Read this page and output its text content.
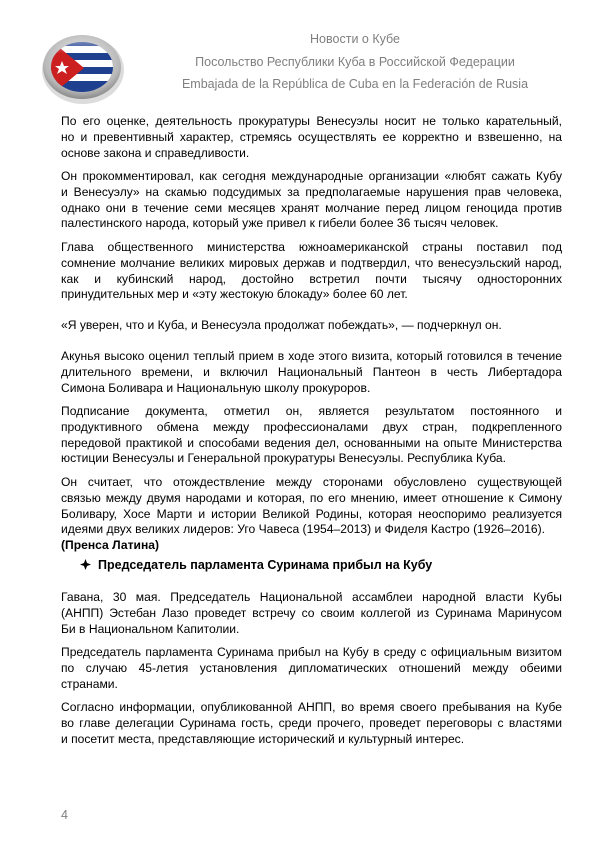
Новости о Кубе
Посольство Республики Куба в Российской Федерации
Embajada de la República de Cuba en la Federación de Rusia
По его оценке, деятельность прокуратуры Венесуэлы носит не только карательный,
но и превентивный характер, стремясь осуществлять ее корректно и взвешенно, на
основе закона и справедливости.
Он прокомментировал, как сегодня международные организации «любят сажать Кубу
и Венесуэлу» на скамью подсудимых за предполагаемые нарушения прав человека,
однако они в течение семи месяцев хранят молчание перед лицом геноцида против
палестинского народа, который уже привел к гибели более 36 тысяч человек.
Глава общественного министерства южноамериканской страны поставил под
сомнение молчание великих мировых держав и подтвердил, что венесуэльский народ,
как и кубинский народ, достойно встретил почти тысячу односторонних
принудительных мер и «эту жестокую блокаду» более 60 лет.
«Я уверен, что и Куба, и Венесуэла продолжат побеждать», — подчеркнул он.
Акунья высоко оценил теплый прием в ходе этого визита, который готовился в течение
длительного времени, и включил Национальный Пантеон в честь Либертадора
Симона Боливара и Национальную школу прокуроров.
Подписание документа, отметил он, является результатом постоянного и
продуктивного обмена между профессионалами двух стран, подкрепленного
передовой практикой и способами ведения дел, основанными на опыте Министерства
юстиции Венесуэлы и Генеральной прокуратуры Венесуэлы. Республика Куба.
Он считает, что отождествление между сторонами обусловлено существующей
связью между двумя народами и которая, по его мнению, имеет отношение к Симону
Боливару, Хосе Марти и истории Великой Родины, которая неоспоримо реализуется
идеями двух великих лидеров: Уго Чавеса (1954–2013) и Фиделя Кастро (1926–2016).
(Пренса Латина)
Председатель парламента Суринама прибыл на Кубу
Гавана, 30 мая. Председатель Национальной ассамблеи народной власти Кубы
(АНПП) Эстебан Лазо проведет встречу со своим коллегой из Суринама Маринусом
Би в Национальном Капитолии.
Председатель парламента Суринама прибыл на Кубу в среду с официальным визитом
по случаю 45-летия установления дипломатических отношений между обеими
странами.
Согласно информации, опубликованной АНПП, во время своего пребывания на Кубе
во главе делегации Суринама гость, среди прочего, проведет переговоры с властями
и посетит места, представляющие исторический и культурный интерес.
4
